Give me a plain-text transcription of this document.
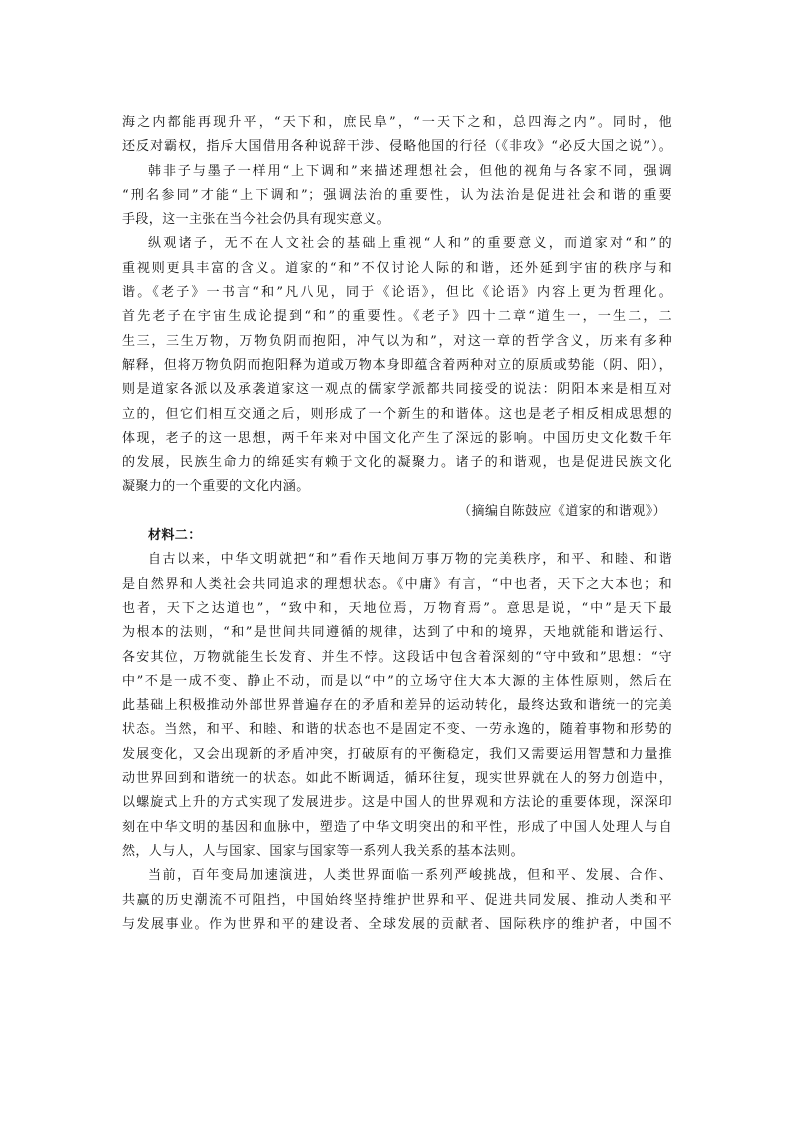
海之内都能再现升平，“天下和，庶民阜”，“一天下之和，总四海之内”。同时，他
还反对霸权，指斥大国借用各种说辞干涉、侵略他国的行径（《非攻》“必反大国之说”）。
韩非子与墨子一样用“上下调和”来描述理想社会，但他的视角与各家不同，强调
“刑名参同”才能“上下调和”；强调法治的重要性，认为法治是促进社会和谐的重要
手段，这一主张在当今社会仍具有现实意义。
纵观诸子，无不在人文社会的基础上重视“人和”的重要意义，而道家对“和”的
重视则更具丰富的含义。道家的“和”不仅讨论人际的和谐，还外延到宇宙的秩序与和
谐。《老子》一书言“和”凡八见，同于《论语》，但比《论语》内容上更为哲理化。
首先老子在宇宙生成论提到“和”的重要性。《老子》四十二章“道生一，一生二，二
生三，三生万物，万物负阴而抱阳，冲气以为和”，对这一章的哲学含义，历来有多种
解释，但将万物负阴而抱阳释为道或万物本身即蕴含着两种对立的原质或势能（阴、阳），
则是道家各派以及承袭道家这一观点的儒家学派都共同接受的说法：阴阳本来是相互对
立的，但它们相互交通之后，则形成了一个新生的和谐体。这也是老子相反相成思想的
体现，老子的这一思想，两千年来对中国文化产生了深远的影响。中国历史文化数千年
的发展，民族生命力的绵延实有赖于文化的凝聚力。诸子的和谐观，也是促进民族文化
凝聚力的一个重要的文化内涵。
（摘编自陈鼓应《道家的和谐观》）
材料二：
自古以来，中华文明就把“和”看作天地间万事万物的完美秩序，和平、和睦、和谐
是自然界和人类社会共同追求的理想状态。《中庸》有言，“中也者，天下之大本也；和
也者，天下之达道也”，“致中和，天地位焉，万物育焉”。意思是说，“中”是天下最
为根本的法则，“和”是世间共同遵循的规律，达到了中和的境界，天地就能和谐运行、
各安其位，万物就能生长发育、并生不悖。这段话中包含着深刻的“守中致和”思想：“守
中”不是一成不变、静止不动，而是以“中”的立场守住大本大源的主体性原则，然后在
此基础上积极推动外部世界普遍存在的矛盾和差异的运动转化，最终达致和谐统一的完美
状态。当然，和平、和睦、和谐的状态也不是固定不变、一劳永逸的，随着事物和形势的
发展变化，又会出现新的矛盾冲突，打破原有的平衡稳定，我们又需要运用智慧和力量推
动世界回到和谐统一的状态。如此不断调适，循环往复，现实世界就在人的努力创造中，
以螺旋式上升的方式实现了发展进步。这是中国人的世界观和方法论的重要体现，深深印
刻在中华文明的基因和血脉中，塑造了中华文明突出的和平性，形成了中国人处理人与自
然，人与人，人与国家、国家与国家等一系列人我关系的基本法则。
当前，百年变局加速演进，人类世界面临一系列严峻挑战，但和平、发展、合作、
共赢的历史潮流不可阻挡，中国始终坚持维护世界和平、促进共同发展、推动人类和平
与发展事业。作为世界和平的建设者、全球发展的贡献者、国际秩序的维护者，中国不
